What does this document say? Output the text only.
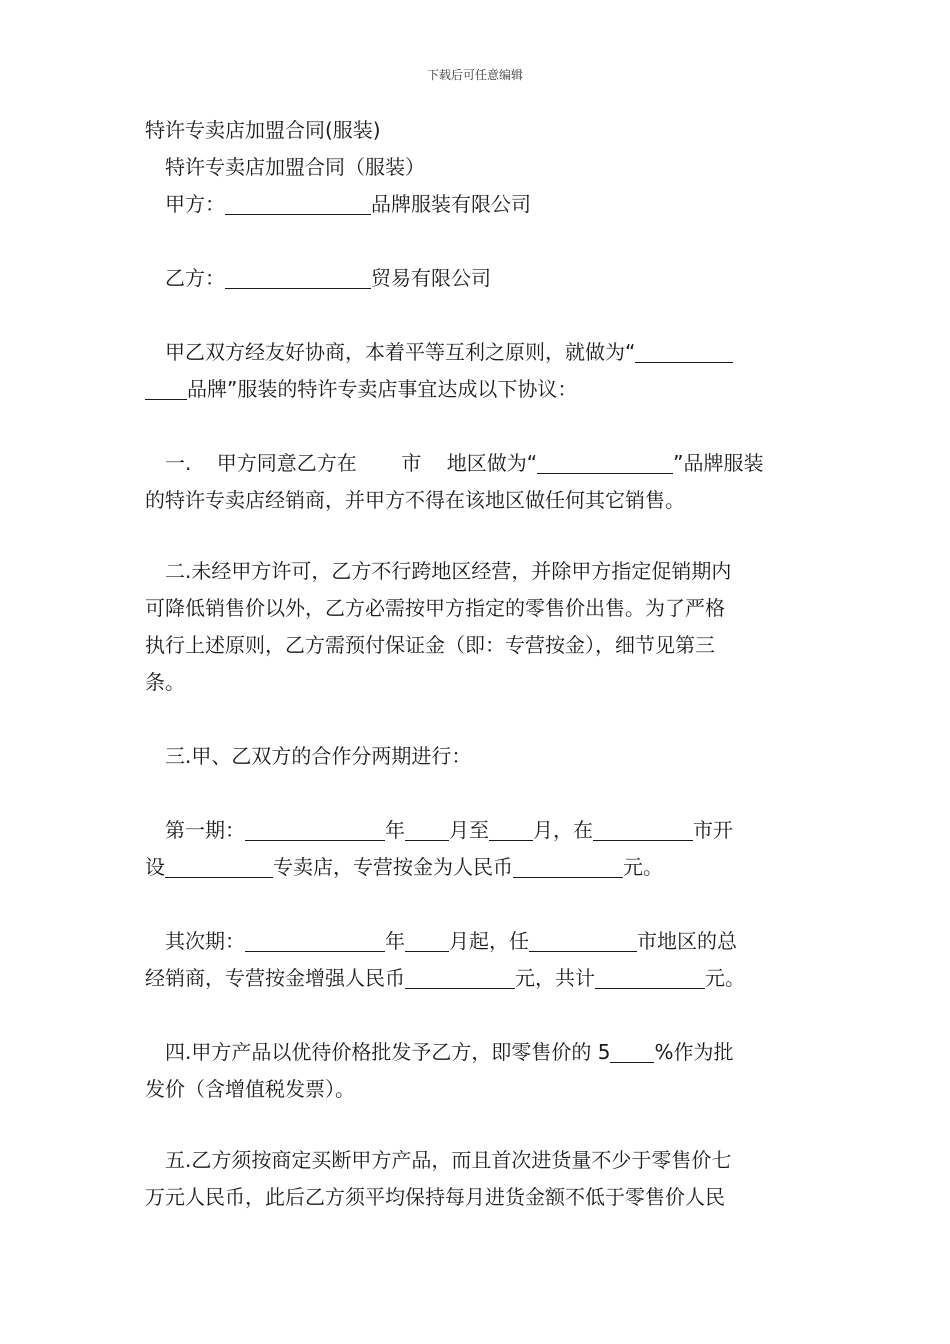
下载后可任意编辑
特许专卖店加盟合同(服装)
特许专卖店加盟合同（服装）
甲方：	品牌服装有限公司
乙方：	贸易有限公司
甲乙双方经友好协商，本着平等互利之原则，就做为“
品牌”服装的特许专卖店事宜达成以下协议：
一. 甲方同意乙方在 市 地区做为“	”品牌服装
的特许专卖店经销商，并甲方不得在该地区做任何其它销售。
二.未经甲方许可，乙方不行跨地区经营，并除甲方指定促销期内
可降低销售价以外，乙方必需按甲方指定的零售价出售。为了严格
执行上述原则，乙方需预付保证金（即：专营按金），细节见第三
条。
三.甲、乙双方的合作分两期进行：
第一期：	年 月至 月，在	市开
设	专卖店，专营按金为人民币	元。
其次期：	年 月起，任	市地区的总
经销商，专营按金增强人民币	元，共计	元。
四.甲方产品以优待价格批发予乙方，即零售价的 5 %作为批
发价（含增值税发票）。
五.乙方须按商定买断甲方产品，而且首次进货量不少于零售价七
万元人民币，此后乙方须平均保持每月进货金额不低于零售价人民
